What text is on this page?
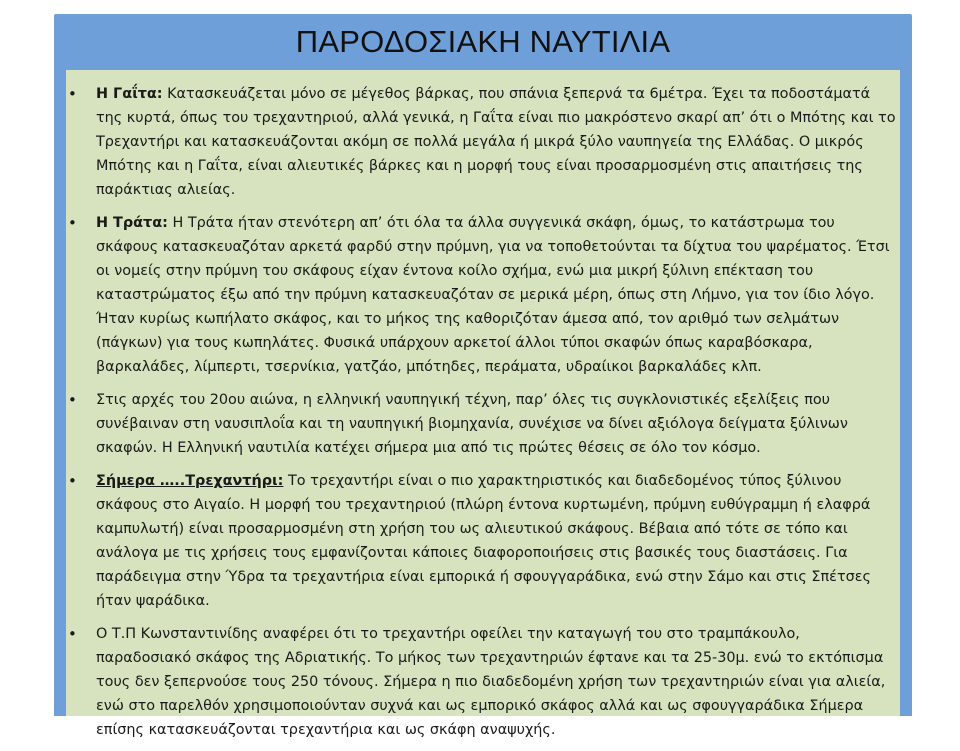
ΠΑΡΟΔΟΣΙΑΚΗ ΝΑΥΤΙΛΙΑ
• Η Γαΐτα: Κατασκευάζεται μόνο σε μέγεθος βάρκας, που σπάνια ξεπερνά τα 6μέτρα. Έχει τα ποδοστάματά της κυρτά, όπως του τρεχαντηριού, αλλά γενικά, η Γαΐτα είναι πιο μακρόστενο σκαρί απ’ ότι ο Μπότης και το Τρεχαντήρι και κατασκευάζονται ακόμη σε πολλά μεγάλα ή μικρά ξύλο ναυπηγεία της Ελλάδας. Ο μικρός Μπότης και η Γαΐτα, είναι αλιευτικές βάρκες και η μορφή τους είναι προσαρμοσμένη στις απαιτήσεις της παράκτιας αλιείας.
• Η Τράτα: Η Τράτα ήταν στενότερη απ’ ότι όλα τα άλλα συγγενικά σκάφη, όμως, το κατάστρωμα του σκάφους κατασκευαζόταν αρκετά φαρδύ στην πρύμνη, για να τοποθετούνται τα δίχτυα του ψαρέματος. Έτσι οι νομείς στην πρύμνη του σκάφους είχαν έντονα κοίλο σχήμα, ενώ μια μικρή ξύλινη επέκταση του καταστρώματος έξω από την πρύμνη κατασκευαζόταν σε μερικά μέρη, όπως στη Λήμνο, για τον ίδιο λόγο. Ήταν κυρίως κωπήλατο σκάφος, και το μήκος της καθοριζόταν άμεσα από, τον αριθμό των σελμάτων (πάγκων) για τους κωπηλάτες. Φυσικά υπάρχουν αρκετοί άλλοι τύποι σκαφών όπως καραβόσκαρα, βαρκαλάδες, λίμπερτι, τσερνίκια, γατζάο, μπότηδες, περάματα, υδραίικοι βαρκαλάδες κλπ.
• Στις αρχές του 20ου αιώνα, η ελληνική ναυπηγική τέχνη, παρ’ όλες τις συγκλονιστικές εξελίξεις που συνέβαιναν στη ναυσιπλοΐα και τη ναυπηγική βιομηχανία, συνέχισε να δίνει αξιόλογα δείγματα ξύλινων σκαφών. Η Ελληνική ναυτιλία κατέχει σήμερα μια από τις πρώτες θέσεις σε όλο τον κόσμο.
• Σήμερα …..Τρεχαντήρι: Το τρεχαντήρι είναι ο πιο χαρακτηριστικός και διαδεδομένος τύπος ξύλινου σκάφους στο Αιγαίο. Η μορφή του τρεχαντηριού (πλώρη έντονα κυρτωμένη, πρύμνη ευθύγραμμη ή ελαφρά καμπυλωτή) είναι προσαρμοσμένη στη χρήση του ως αλιευτικού σκάφους. Βέβαια από τότε σε τόπο και ανάλογα με τις χρήσεις τους εμφανίζονται κάποιες διαφοροποιήσεις στις βασικές τους διαστάσεις. Για παράδειγμα στην Ύδρα τα τρεχαντήρια είναι εμπορικά ή σφουγγαράδικα, ενώ στην Σάμο και στις Σπέτσες ήταν ψαράδικα.
• Ο Τ.Π Κωνσταντινίδης αναφέρει ότι το τρεχαντήρι οφείλει την καταγωγή του στο τραμπάκουλο, παραδοσιακό σκάφος της Αδριατικής. Το μήκος των τρεχαντηριών έφτανε και τα 25-30μ. ενώ το εκτόπισμα τους δεν ξεπερνούσε τους 250 τόνους. Σήμερα η πιο διαδεδομένη χρήση των τρεχαντηριών είναι για αλιεία, ενώ στο παρελθόν χρησιμοποιούνταν συχνά και ως εμπορικό σκάφος αλλά και ως σφουγγαράδικα Σήμερα επίσης κατασκευάζονται τρεχαντήρια και ως σκάφη αναψυχής.
